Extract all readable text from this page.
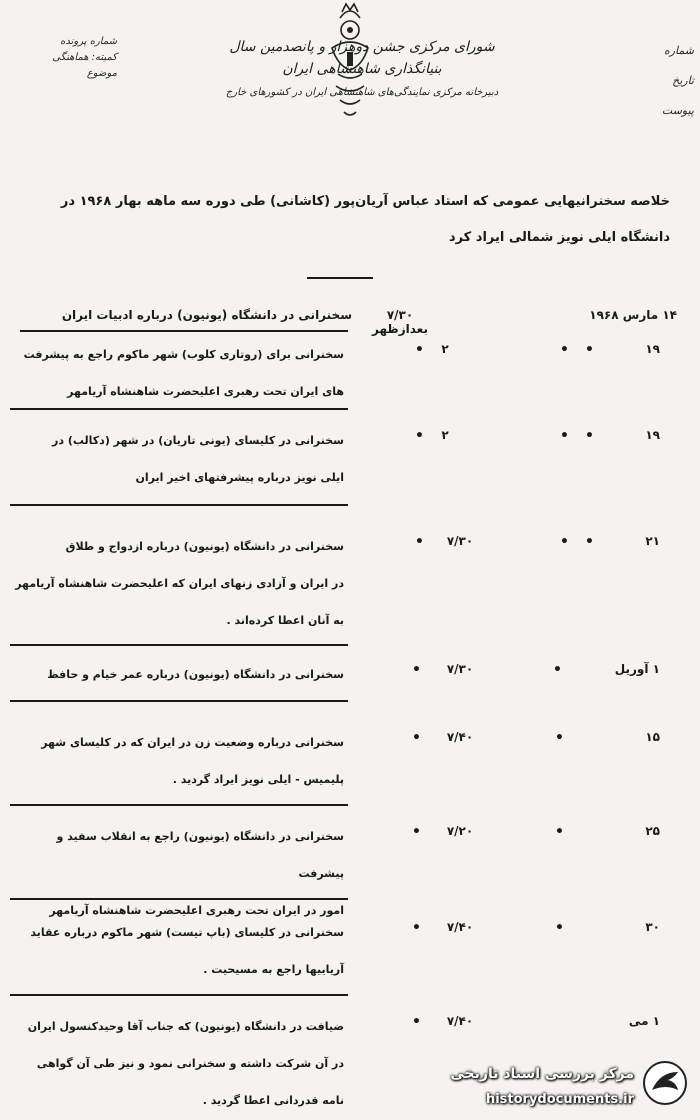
شماره پرونده
کمیته: هماهنگی
موضوع
شورای مرکزی جشن دوهزار و پانصدمین سال بنیانگذاری شاهنشاهی ایران
دبیرخانه مرکزی نمایندگی‌های شاهنشاهی ایران در کشورهای خارج
شماره
تاریخ
پیوست
خلاصه سخنرانیهایی عمومی که استاد عباس آریان‌پور (کاشانی) طی دوره سه ماهه بهار ۱۹۶۸ در دانشگاه ایلی نویز شمالی ایراد کرد
سخنرانی در دانشگاه (یونیون) درباره ادبیات ایران	۷/۳۰ بعدازظهر
۱۴ مارس ۱۹۶۸
سخنرانی برای (روتاری کلوب) شهر ماکوم راجع به پیشرفت
های ایران تحت رهبری اعلیحضرت شاهنشاه آریامهر
•	۲	• •	۱۹
سخنرانی در کلیسای (یونی تاریان) در شهر (دکالب) در
ایلی نویز درباره پیشرفتهای اخیر ایران
•	۲	• •	۱۹
سخنرانی در دانشگاه (یونیون) درباره ازدواج و طلاق
در ایران و آزادی زنهای ایران که اعلیحضرت شاهنشاه آریامهر
به آنان اعطا کرده‌اند .
•	۷/۳۰	• •	۲۱
سخنرانی در دانشگاه (یونیون) درباره عمر خیام و حافظ	•	۷/۳۰	•	۱ آوریل
سخنرانی درباره وضعیت زن در ایران که در کلیسای شهر
پلیمیس - ایلی نویز ایراد گردید .
•	۷/۴۰	•	۱۵
سخنرانی در دانشگاه (یونیون) راجع به انقلاب سفید و پیشرفت
امور در ایران تحت رهبری اعلیحضرت شاهنشاه آریامهر
•	۷/۲۰	•	۲۵
سخنرانی در کلیسای (باپ تیست) شهر ماکوم درباره عقاید
آریاییها راجع به مسیحیت .
•	۷/۴۰	•	۳۰
ضیافت در دانشگاه (یونیون) که جناب آقا وحیدکنسول ایران
در آن شرکت داشته و سخنرانی نمود و نیز طی آن گواهی
نامه قدردانی اعطا گردید .
•	۷/۴۰	۱ می
مرکز بررسی اسناد تاریخی
historydocuments.ir
